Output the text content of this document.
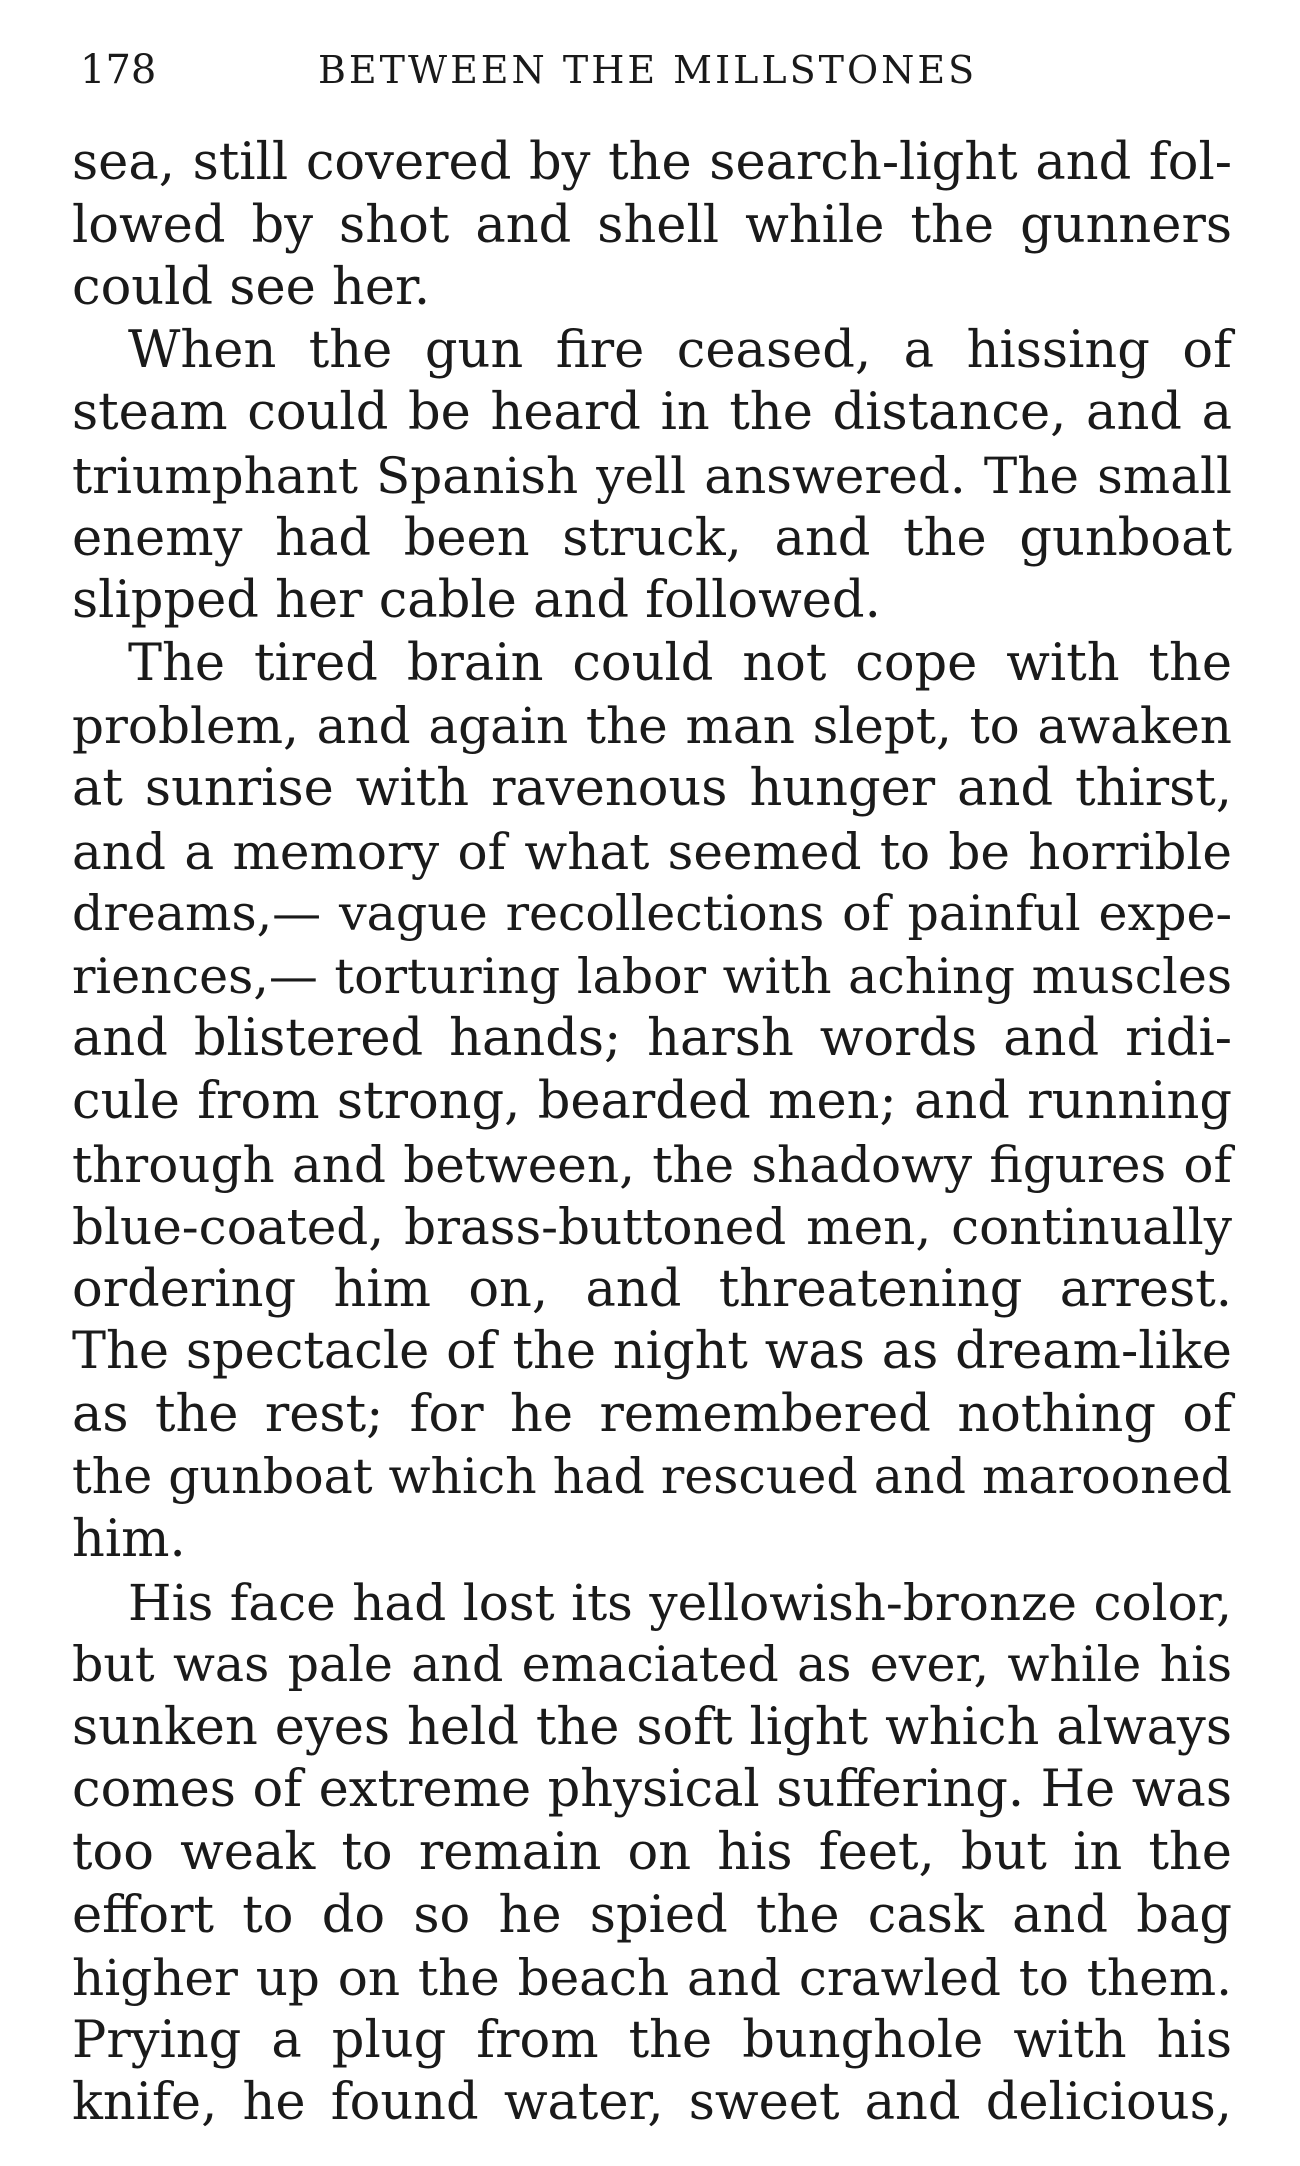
178	BETWEEN THE MILLSTONES
sea, still covered by the search-light and fol-
lowed by shot and shell while the gunners
could see her.
When the gun fire ceased, a hissing of
steam could be heard in the distance, and a
triumphant Spanish yell answered. The small
enemy had been struck, and the gunboat
slipped her cable and followed.
The tired brain could not cope with the
problem, and again the man slept, to awaken
at sunrise with ravenous hunger and thirst,
and a memory of what seemed to be horrible
dreams,— vague recollections of painful expe-
riences,— torturing labor with aching muscles
and blistered hands; harsh words and ridi-
cule from strong, bearded men; and running
through and between, the shadowy figures of
blue-coated, brass-buttoned men, continually
ordering him on, and threatening arrest.
The spectacle of the night was as dream-like
as the rest; for he remembered nothing of
the gunboat which had rescued and marooned
him.
His face had lost its yellowish-bronze color,
but was pale and emaciated as ever, while his
sunken eyes held the soft light which always
comes of extreme physical suffering. He was
too weak to remain on his feet, but in the
effort to do so he spied the cask and bag
higher up on the beach and crawled to them.
Prying a plug from the bunghole with his
knife, he found water, sweet and delicious,
